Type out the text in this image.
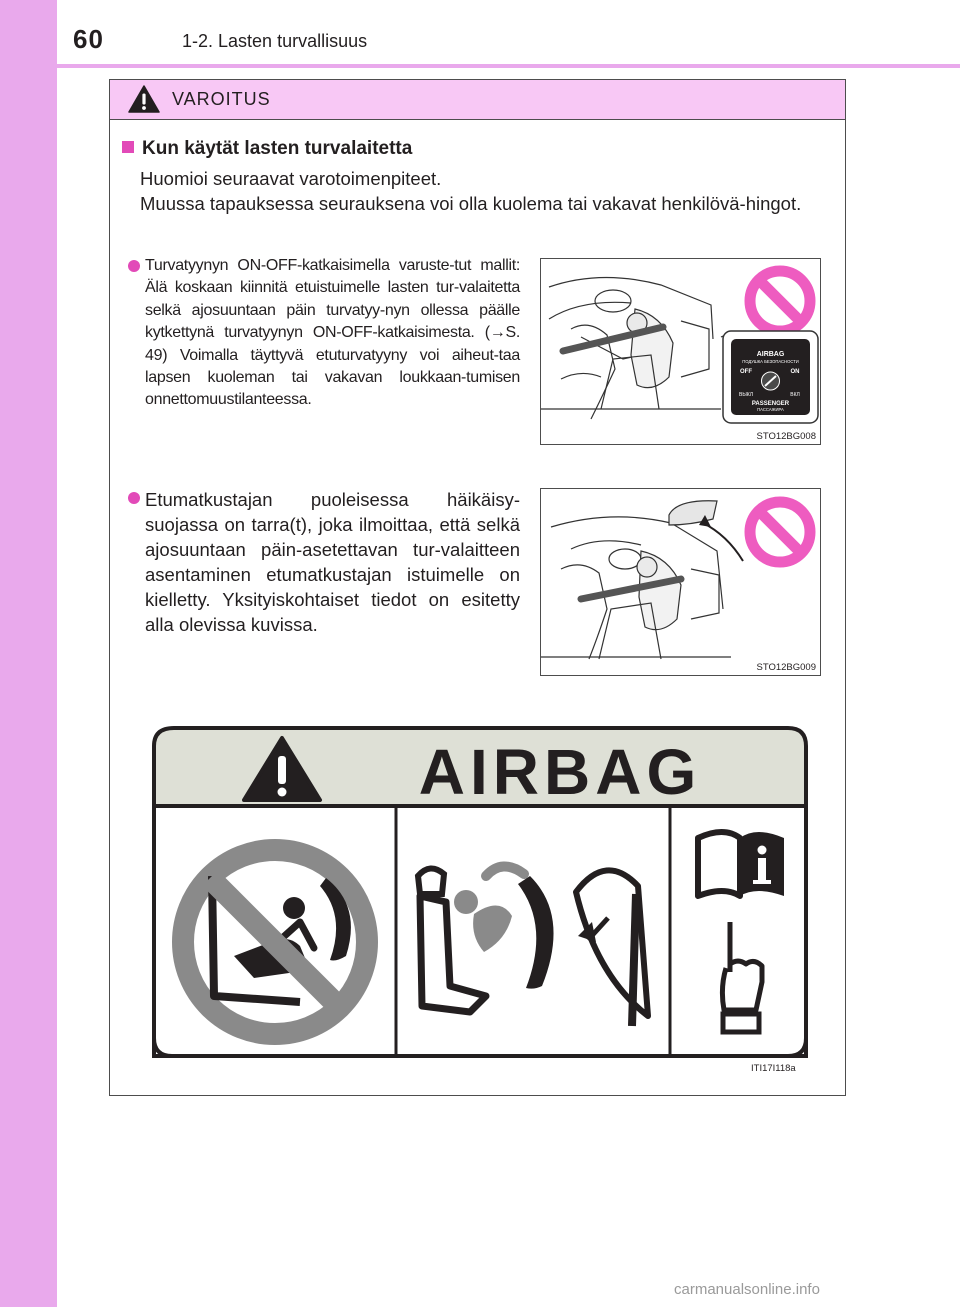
60	1-2. Lasten turvallisuus
VAROITUS
Kun käytät lasten turvalaitetta

Huomioi seuraavat varotoimenpiteet.

Muussa tapauksessa seurauksena voi olla kuolema tai vakavat henkilövä-hingot.

Turvatyynyn ON-OFF-katkaisimella varuste-tut mallit: Älä koskaan kiinnitä etuistuimelle lasten tur-valaitetta selkä ajosuuntaan päin turvatyy-nyn ollessa päälle kytkettynä turvatyynyn ON-OFF-katkaisimesta. (→S. 49) Voimalla täyttyvä etuturvatyyny voi aiheut-taa lapsen kuoleman tai vakavan loukkaan-tumisen onnettomuustilanteessa.
Etumatkustajan puoleisessa häikäisy-suojassa on tarra(t), joka ilmoittaa, että selkä ajosuuntaan päin-asetettavan tur-valaitteen asentaminen etumatkustajan istuimelle on kielletty. Yksityiskohtaiset tiedot on esitetty alla olevissa kuvissa.
AIRBAG
ПОДУШКА БЕЗОПАСНОСТИ
OFF	ON
ВЫКЛ	ВКЛ
PASSENGER
ПАССАЖИРА
STO12BG008
STO12BG009
AIRBAG
ITI17I118a
carmanualsonline.info
